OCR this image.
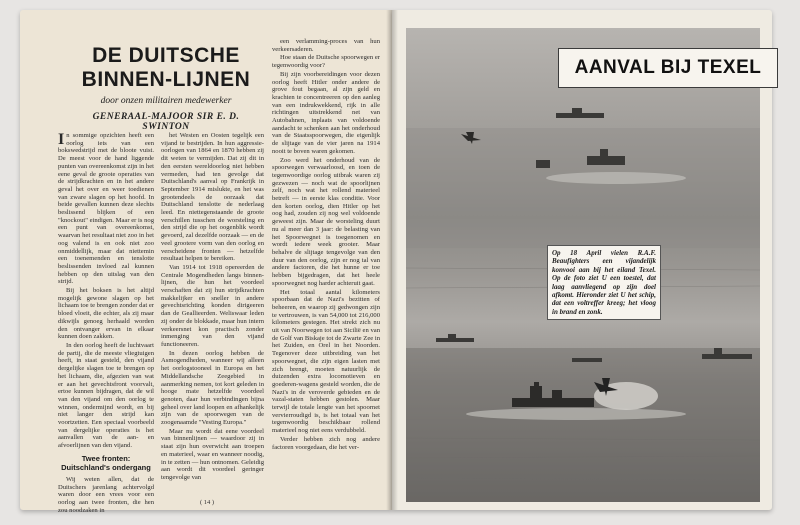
DE DUITSCHE
BINNEN-LIJNEN

door onzen militairen medewerker

GENERAAL-MAJOOR SIR E. D. SWINTON

In sommige opzichten heeft een oorlog iets van een bokswedstrijd met de bloote vuist. De meest voor de hand liggende punten van overeenkomst zijn in het eene geval de groote operaties van de strijdkrachten en in het andere geval het over en weer toedienen van zware slagen op het hoofd. In beide gevallen kunnen deze slechts beslissend blijken of een "knockout" eindigen. Maar er is nog een punt van overeenkomst, waarvan het resultaat niet zoo in het oog valend is en ook niet zoo onmiddellijk, maar dat niettemin een toenemenden en tenslotte beslissenden invloed zal kunnen hebben op den uitslag van den strijd.

Bij het boksen is het altijd mogelijk gewone slagen op het lichaam toe te brengen zonder dat er bloed vloeit, die echter, als zij maar dikwijls genoeg herhaald worden den ontvanger ervan in elkaar kunnen doen zakken.

In den oorlog heeft de luchtvaart de partij, die de meeste vliegtuigen heeft, in staat gesteld, den vijand dergelijke slagen toe te brengen op het lichaam, die, afgezien van wat er aan het gevechtsfront voorvalt, ertoe kunnen bijdragen, dat de wil van den vijand om den oorlog te winnen, ondermijnd wordt, en bij niet langer den strijd kan voortzetten. Een speciaal voorbeeld van dergelijke operaties is het aanvallen van de aan- en afvoerlijnen van den vijand.

Twee fronten: Duitschland's ondergang

Wij weten allen, dat de Duitschers jarenlang achtervolgd waren door een vrees voor een oorlog aan twee fronten, die hen zou noodzaken in

het Westen en Oosten tegelijk een vijand te bestrijden. In hun aggressie-oorlogen van 1864 en 1870 hebben zij dit weten te vermijden. Dat zij dit in den eersten wereldoorlog niet hebben vermeden, had ten gevolge dat Duitschland's aanval op Frankrijk in September 1914 mislukte, en het was grootendeels de oorzaak dat Duitschland tenslotte de nederlaag leed. En niettegenstaande de groote verschillen tusschen de worsteling en den strijd die op het oogenblik wordt gevoerd, zal dezelfde oorzaak — en de veel grootere vorm van den oorlog en verscheidene fronten — hetzelfde resultaat helpen te bereiken.

Van 1914 tot 1918 opereerden de Centrale Mogendheden langs binnen-lijnen, die hun het voordeel verschaften dat zij hun strijdkrachten makkelijker en sneller in andere gevechtsrichting konden dirigeeren dan de Geallieerden. Weliswaar leden zij onder de blokkade, maar hun intern verkeersnet kon practisch zonder inmenging van den vijand functioneeren.

In dezen oorlog hebben de Asmogendheden, wanneer wij alleen het oorlogstooneel in Europa en het Middellandsche Zeegebied in aanmerking nemen, tot kort geleden in hooge mate hetzelfde voordeel genoten, daar hun verbindingen bijna geheel over land loopen en afhankelijk zijn van de spoorwegen van de zoogenaamde "Vesting Europa."

Maar nu wordt dat eene voordeel van binnenlijnen — waardoor zij in staat zijn hun overwicht aan troepen en materieel, waar en wanneer noodig, in te zetten — hun ontnomen. Geleidig aan wordt dit voordeel geringer tengevolge van

een verlamming-proces van hun verkeersaderen.

Hoe staan de Duitsche spoorwegen er tegenwoordig voor?

Bij zijn voorbereidingen voor dezen oorlog heeft Hitler onder andere de grove fout begaan, al zijn geld en krachten te concentreeren op den aanleg van een indrukwekkend, rijk in alle richtingen uitstrekkend net van Autobahnen, inplaats van voldoende aandacht te schenken aan het onderhoud van de Staatsspoorwegen, die eigenlijk de slijtage van de vier jaren na 1914 nooit te boven waren gekomen.

Zoo werd het onderhoud van de spoorwegen verwaarloosd, en toen de tegenwoordige oorlog uitbrak waren zij gezwezen — noch wat de spoorlijnen zelf, noch wat het rollend materieel betreft — in eerste klas conditie. Voor den korten oorlog, dien Hitler op het oog had, zouden zij nog wel voldoende geweest zijn. Maar de worsteling duurt nu al meer dan 3 jaar: de belasting van het Spoorwegnet is toegenomen en wordt iedere week grooter. Maar behalve de slijtage tengevolge van den duur van den oorlog, zijn er nog tal van andere factoren, die het hunne er toe hebben bijgedragen, dat het heele spoorwegnet nog harder achteruit gaat.

Het totaal aantal kilometers spoorbaan dat de Nazi's bezitten of beheeren, en waarop zij gedwongen zijn te vertrouwen, is van 54,000 tot 216,000 kilometers gestegen. Het strekt zich nu uit van Noorwegen tot aan Sicilië en van de Golf van Biskaje tot de Zwarte Zee in het Zuiden, en Orel in het Noorden. Tegenover deze uitbreiding van het spoorwegnet, die zijn eigen lasten met zich brengt, moeten natuurlijk de duizenden extra locomotieven en goederen-wagens gesteld worden, die de Nazi's in de veroverde gebieden en de vazal-staten hebben gestolen. Maar terwijl de totale lengte van het spoornet vervierroudigd is, is het totaal van het tegenwoordig beschikbaar rollend materieel nog niet eens verdubbeld.

Verder hebben zich nog andere factoren voorgedaan, die het ver-

( 14 )

AANVAL BIJ TEXEL

Op 18 April vielen R.A.F. Beaufighters een vijandelijk konvooi aan bij het eiland Texel. Op de foto ziet U een toestel, dat laag aanvliegend op zijn doel afkomt. Hieronder ziet U het schip, dat een voltreffer kreeg; het vloog in brand en zonk.
